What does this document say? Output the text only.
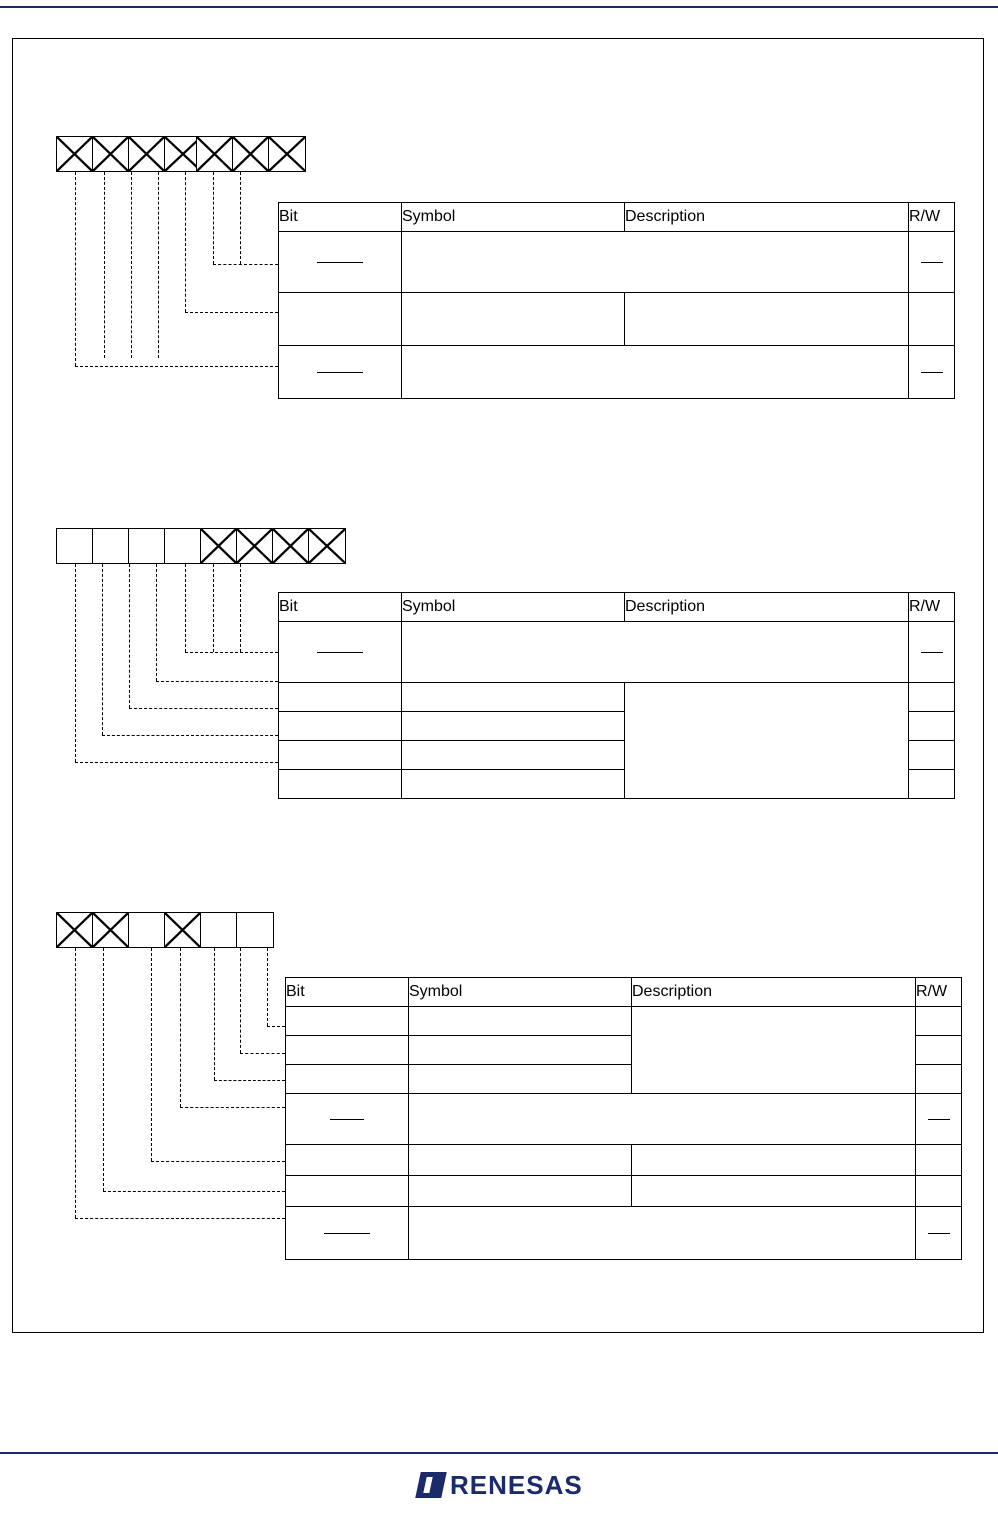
RENESAS
Bit	Symbol	Description	R/W

Bit	Symbol	Description	R/W

Bit	Symbol	Description	R/W
